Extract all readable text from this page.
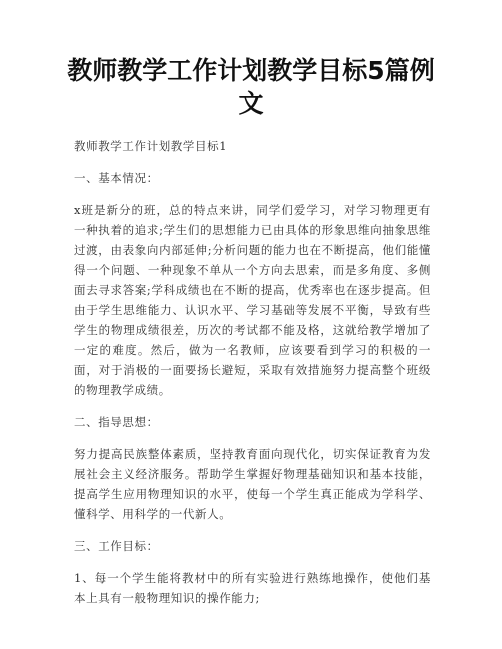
教师教学工作计划教学目标5篇例文

教师教学工作计划教学目标1

一、基本情况：

x班是新分的班，总的特点来讲，同学们爱学习，对学习物理更有一种执着的追求;学生们的思想能力已由具体的形象思维向抽象思维过渡，由表象向内部延伸;分析问题的能力也在不断提高，他们能懂得一个问题、一种现象不单从一个方向去思索，而是多角度、多侧面去寻求答案;学科成绩也在不断的提高，优秀率也在逐步提高。但由于学生思维能力、认识水平、学习基础等发展不平衡，导致有些学生的物理成绩很差，历次的考试都不能及格，这就给教学增加了一定的难度。然后，做为一名教师，应该要看到学习的积极的一面，对于消极的一面要扬长避短，采取有效措施努力提高整个班级的物理教学成绩。

二、指导思想：

努力提高民族整体素质，坚持教育面向现代化，切实保证教育为发展社会主义经济服务。帮助学生掌握好物理基础知识和基本技能，提高学生应用物理知识的水平，使每一个学生真正能成为学科学、懂科学、用科学的一代新人。

三、工作目标：

1、每一个学生能将教材中的所有实验进行熟练地操作，使他们基本上具有一般物理知识的操作能力;
